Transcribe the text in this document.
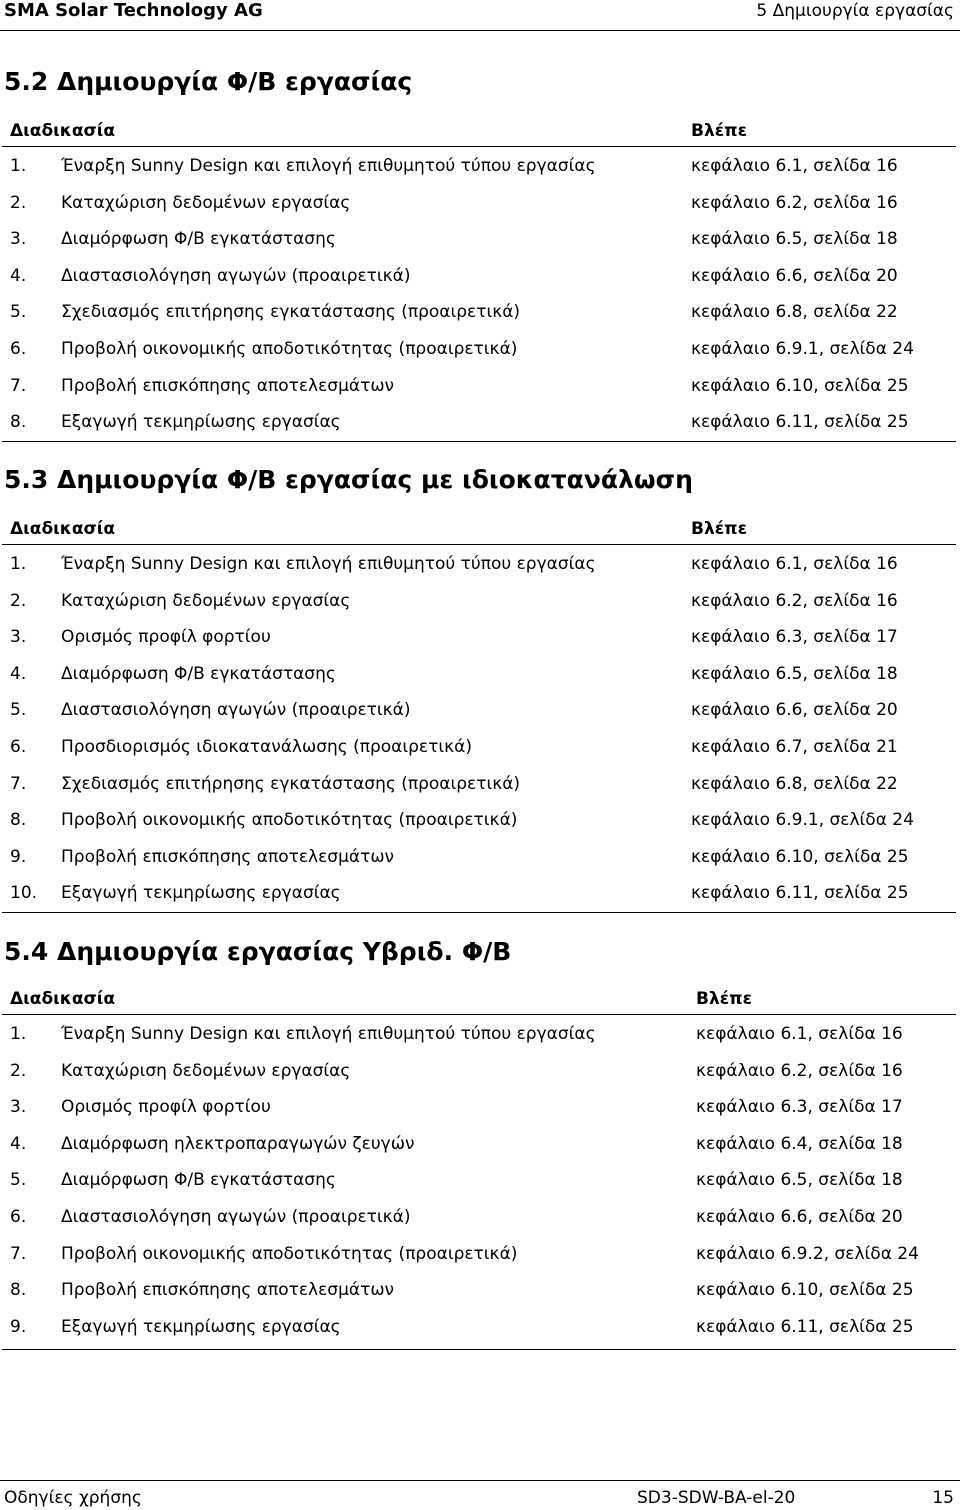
SMA Solar Technology AG	5 Δημιουργία εργασίας
5.2 Δημιουργία Φ/Β εργασίας
Διαδικασία	Βλέπε
1. Έναρξη Sunny Design και επιλογή επιθυμητού τύπου εργασίας	κεφάλαιο 6.1, σελίδα 16
2. Καταχώριση δεδομένων εργασίας	κεφάλαιο 6.2, σελίδα 16
3. Διαμόρφωση Φ/Β εγκατάστασης	κεφάλαιο 6.5, σελίδα 18
4. Διαστασιολόγηση αγωγών (προαιρετικά)	κεφάλαιο 6.6, σελίδα 20
5. Σχεδιασμός επιτήρησης εγκατάστασης (προαιρετικά)	κεφάλαιο 6.8, σελίδα 22
6. Προβολή οικονομικής αποδοτικότητας (προαιρετικά)	κεφάλαιο 6.9.1, σελίδα 24
7. Προβολή επισκόπησης αποτελεσμάτων	κεφάλαιο 6.10, σελίδα 25
8. Εξαγωγή τεκμηρίωσης εργασίας	κεφάλαιο 6.11, σελίδα 25
5.3 Δημιουργία Φ/Β εργασίας με ιδιοκατανάλωση
Διαδικασία	Βλέπε
1. Έναρξη Sunny Design και επιλογή επιθυμητού τύπου εργασίας	κεφάλαιο 6.1, σελίδα 16
2. Καταχώριση δεδομένων εργασίας	κεφάλαιο 6.2, σελίδα 16
3. Ορισμός προφίλ φορτίου	κεφάλαιο 6.3, σελίδα 17
4. Διαμόρφωση Φ/Β εγκατάστασης	κεφάλαιο 6.5, σελίδα 18
5. Διαστασιολόγηση αγωγών (προαιρετικά)	κεφάλαιο 6.6, σελίδα 20
6. Προσδιορισμός ιδιοκατανάλωσης (προαιρετικά)	κεφάλαιο 6.7, σελίδα 21
7. Σχεδιασμός επιτήρησης εγκατάστασης (προαιρετικά)	κεφάλαιο 6.8, σελίδα 22
8. Προβολή οικονομικής αποδοτικότητας (προαιρετικά)	κεφάλαιο 6.9.1, σελίδα 24
9. Προβολή επισκόπησης αποτελεσμάτων	κεφάλαιο 6.10, σελίδα 25
10. Εξαγωγή τεκμηρίωσης εργασίας	κεφάλαιο 6.11, σελίδα 25
5.4 Δημιουργία εργασίας Υβριδ. Φ/Β
Διαδικασία	Βλέπε
1. Έναρξη Sunny Design και επιλογή επιθυμητού τύπου εργασίας	κεφάλαιο 6.1, σελίδα 16
2. Καταχώριση δεδομένων εργασίας	κεφάλαιο 6.2, σελίδα 16
3. Ορισμός προφίλ φορτίου	κεφάλαιο 6.3, σελίδα 17
4. Διαμόρφωση ηλεκτροπαραγωγών ζευγών	κεφάλαιο 6.4, σελίδα 18
5. Διαμόρφωση Φ/Β εγκατάστασης	κεφάλαιο 6.5, σελίδα 18
6. Διαστασιολόγηση αγωγών (προαιρετικά)	κεφάλαιο 6.6, σελίδα 20
7. Προβολή οικονομικής αποδοτικότητας (προαιρετικά)	κεφάλαιο 6.9.2, σελίδα 24
8. Προβολή επισκόπησης αποτελεσμάτων	κεφάλαιο 6.10, σελίδα 25
9. Εξαγωγή τεκμηρίωσης εργασίας	κεφάλαιο 6.11, σελίδα 25
Οδηγίες χρήσης	SD3-SDW-BA-el-20	15
